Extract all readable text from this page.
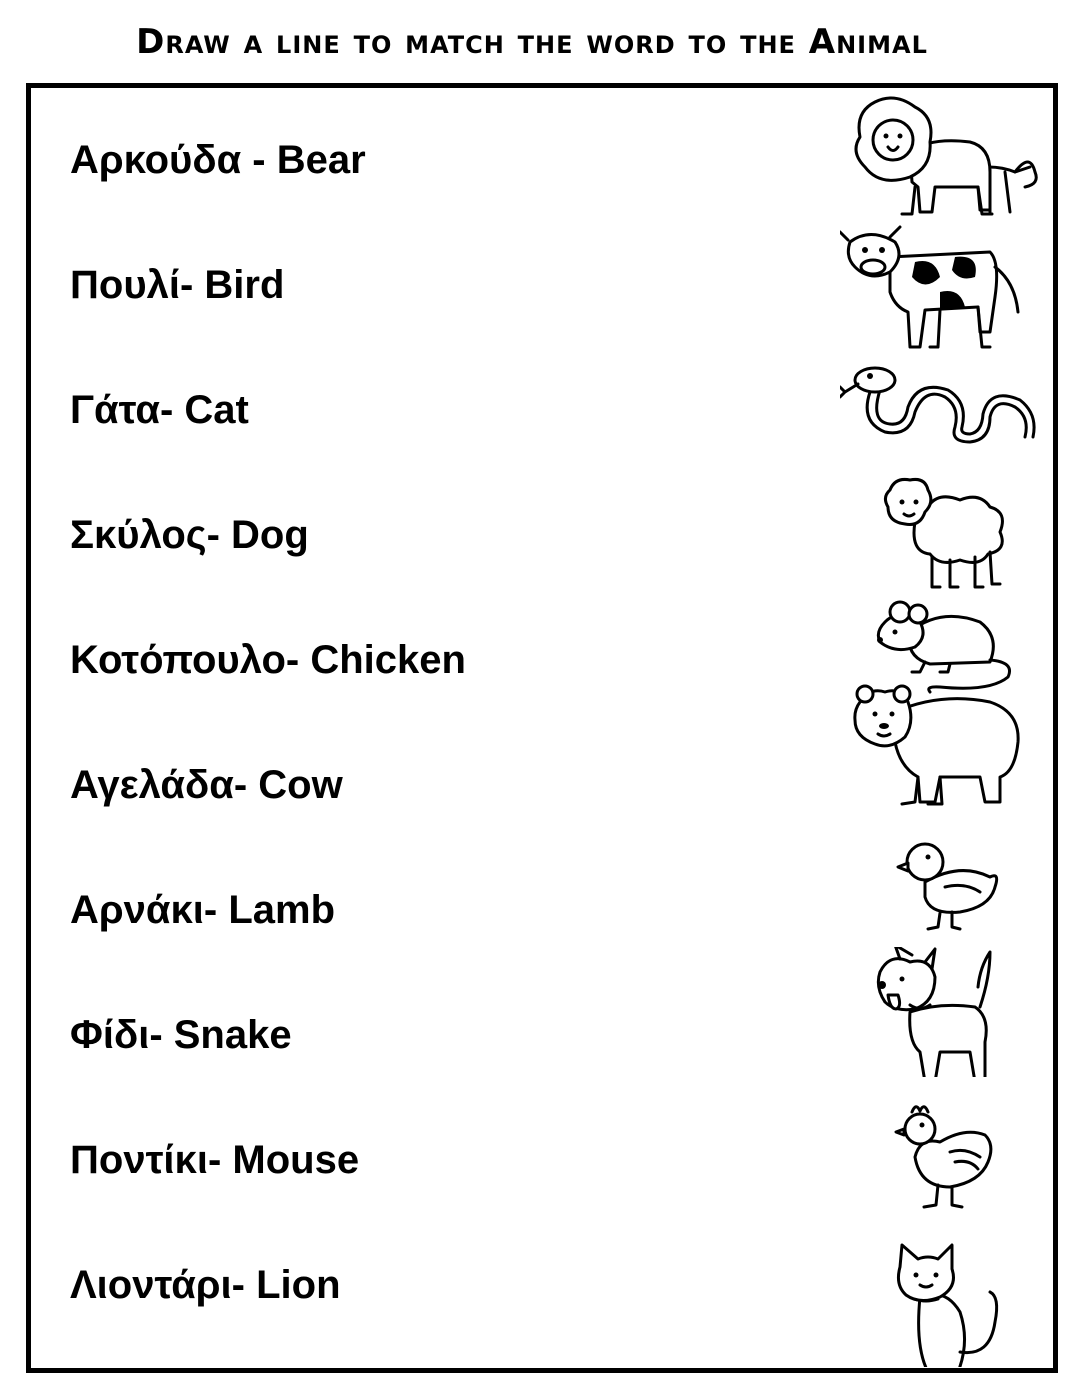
Draw a line to match the word to the Animal
Αρκούδα - Bear
Πουλί- Bird
Γάτα- Cat
Σκύλος- Dog
Κοτόπουλο- Chicken
Αγελάδα- Cow
Αρνάκι- Lamb
Φίδι- Snake
Ποντίκι- Mouse
Λιοντάρι- Lion
